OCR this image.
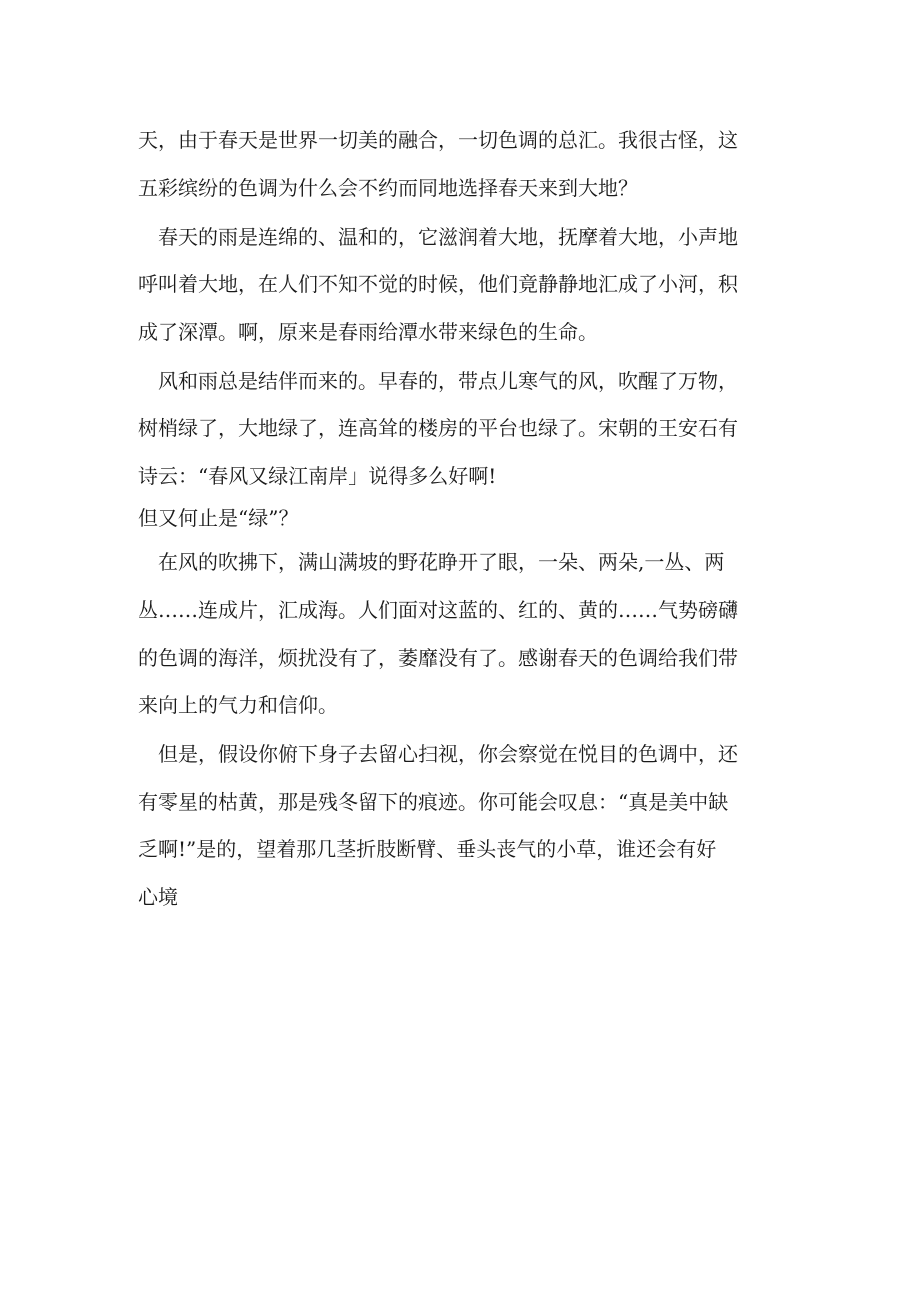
天，由于春天是世界一切美的融合，一切色调的总汇。我很古怪，这

五彩缤纷的色调为什么会不约而同地选择春天来到大地？

　春天的雨是连绵的、温和的，它滋润着大地，抚摩着大地，小声地

呼叫着大地，在人们不知不觉的时候，他们竟静静地汇成了小河，积

成了深潭。啊，原来是春雨给潭水带来绿色的生命。

　风和雨总是结伴而来的。早春的，带点儿寒气的风，吹醒了万物，

树梢绿了，大地绿了，连高耸的楼房的平台也绿了。宋朝的王安石有

诗云：“春风又绿江南岸」说得多么好啊!

但又何止是“绿”？

　在风的吹拂下，满山满坡的野花睁开了眼，一朵、两朵,一丛、两

丛……连成片，汇成海。人们面对这蓝的、红的、黄的……气势磅礴

的色调的海洋，烦扰没有了，萎靡没有了。感谢春天的色调给我们带

来向上的气力和信仰。

　但是，假设你俯下身子去留心扫视，你会察觉在悦目的色调中，还

有零星的枯黄，那是残冬留下的痕迹。你可能会叹息：“真是美中缺

乏啊!”是的，望着那几茎折肢断臂、垂头丧气的小草，谁还会有好

心境
